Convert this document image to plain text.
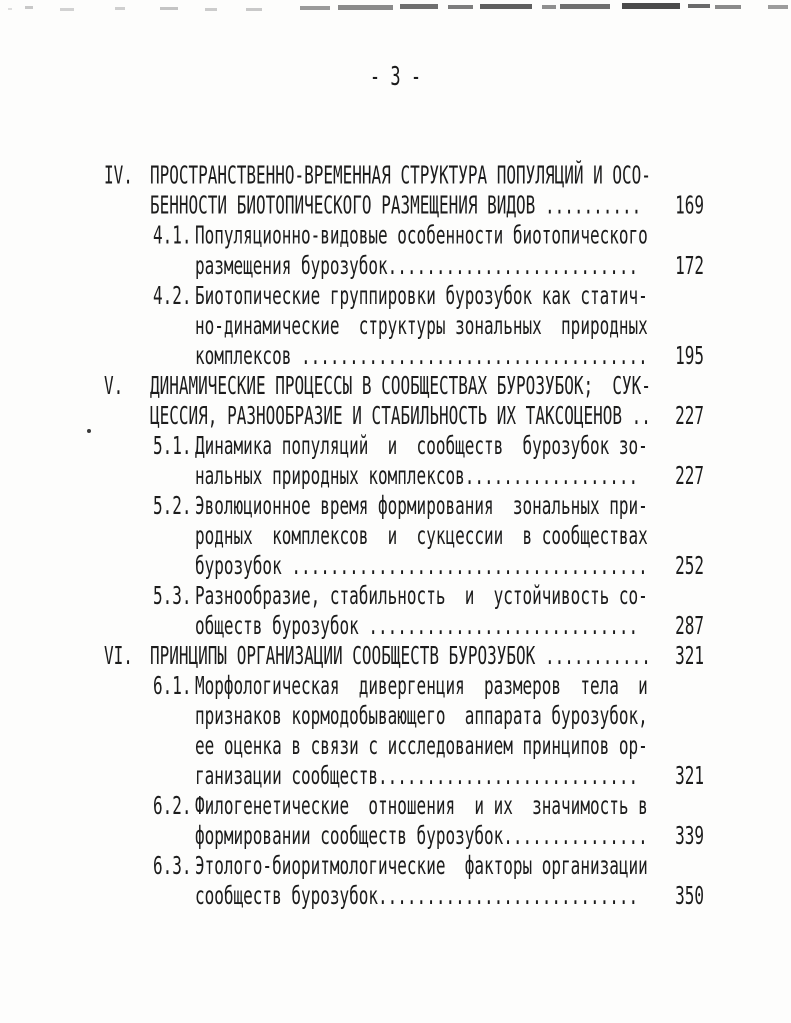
- 3 -
IV.	ПРОСТРАНСТВЕННО-ВРЕМЕННАЯ СТРУКТУРА ПОПУЛЯЦИЙ И ОСО-
БЕННОСТИ БИОТОПИЧЕСКОГО РАЗМЕЩЕНИЯ ВИДОВ ..........	169
4.1. Популяционно-видовые особенности биотопического
размещения бурозубок..........................	172
4.2. Биотопические группировки бурозубок как статич-
но-динамические  структуры зональных  природных
комплексов ....................................	195
V.	ДИНАМИЧЕСКИЕ ПРОЦЕССЫ В СООБЩЕСТВАХ БУРОЗУБОК;  СУК-
ЦЕССИЯ, РАЗНООБРАЗИЕ И СТАБИЛЬНОСТЬ ИХ ТАКСОЦЕНОВ ..	227
5.1. Динамика популяций  и  сообществ  бурозубок зо-
нальных природных комплексов..................	227
5.2. Эволюционное время формирования  зональных при-
родных  комплексов  и  сукцессии  в сообществах
бурозубок .....................................	252
5.3. Разнообразие, стабильность  и  устойчивость со-
обществ бурозубок ............................	287
VI.	ПРИНЦИПЫ ОРГАНИЗАЦИИ СООБЩЕСТВ БУРОЗУБОК ...........	321
6.1. Морфологическая  дивергенция  размеров  тела  и
признаков кормодобывающего  аппарата бурозубок,
ее оценка в связи с исследованием принципов ор-
ганизации сообществ...........................	321
6.2. Филогенетические  отношения  и их  значимость в
формировании сообществ бурозубок...............	339
6.3. Этолого-биоритмологические  факторы организации
сообществ бурозубок...........................	350
